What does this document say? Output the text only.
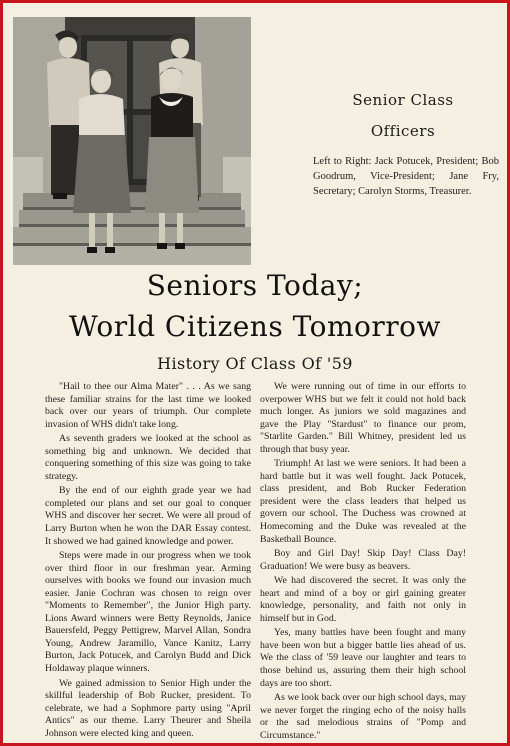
Senior Class
Officers
Left to Right: Jack Potucek, President; Bob Goodrum, Vice-President; Jane Fry, Secretary; Carolyn Storms, Treasurer.
Seniors Today;
World Citizens Tomorrow
History Of Class Of '59

"Hail to thee our Alma Mater" . . . As we sang these familiar strains for the last time we looked back over our years of triumph. Our complete invasion of WHS didn't take long.

As seventh graders we looked at the school as something big and unknown. We decided that conquering something of this size was going to take strategy.

By the end of our eighth grade year we had completed our plans and set our goal to conquer WHS and discover her secret. We were all proud of Larry Burton when he won the DAR Essay contest. It showed we had gained knowledge and power.

Steps were made in our progress when we took over third floor in our freshman year. Arming ourselves with books we found our invasion much easier. Janie Cochran was chosen to reign over "Moments to Remember", the Junior High party. Lions Award winners were Betty Reynolds, Janice Bauersfeld, Peggy Pettigrew, Marvel Allan, Sondra Young, Andrew Jaramillo, Vance Kanitz, Larry Burton, Jack Potucek, and Carolyn Budd and Dick Holdaway plaque winners.

We gained admission to Senior High under the skillful leadership of Bob Rucker, president. To celebrate, we had a Sophmore party using "April Antics" as our theme. Larry Theurer and Sheila Johnson were elected king and queen.

We were running out of time in our efforts to overpower WHS but we felt it could not hold back much longer. As juniors we sold magazines and gave the Play "Stardust" to finance our prom, "Starlite Garden." Bill Whitney, president led us through that busy year.

Triumph! At last we were seniors. It had been a hard battle but it was well fought. Jack Potucek, class president, and Bob Rucker Federation president were the class leaders that helped us govern our school. The Duchess was crowned at Homecoming and the Duke was revealed at the Basketball Bounce.

Boy and Girl Day! Skip Day! Class Day! Graduation! We were busy as beavers.

We had discovered the secret. It was only the heart and mind of a boy or girl gaining greater knowledge, personality, and faith not only in himself but in God.

Yes, many battles have been fought and many have been won but a bigger battle lies ahead of us. We the class of '59 leave our laughter and tears to those behind us, assuring them their high school days are too short.

As we look back over our high school days, may we never forget the ringing echo of the noisy halls or the sad melodious strains of "Pomp and Circumstance."
